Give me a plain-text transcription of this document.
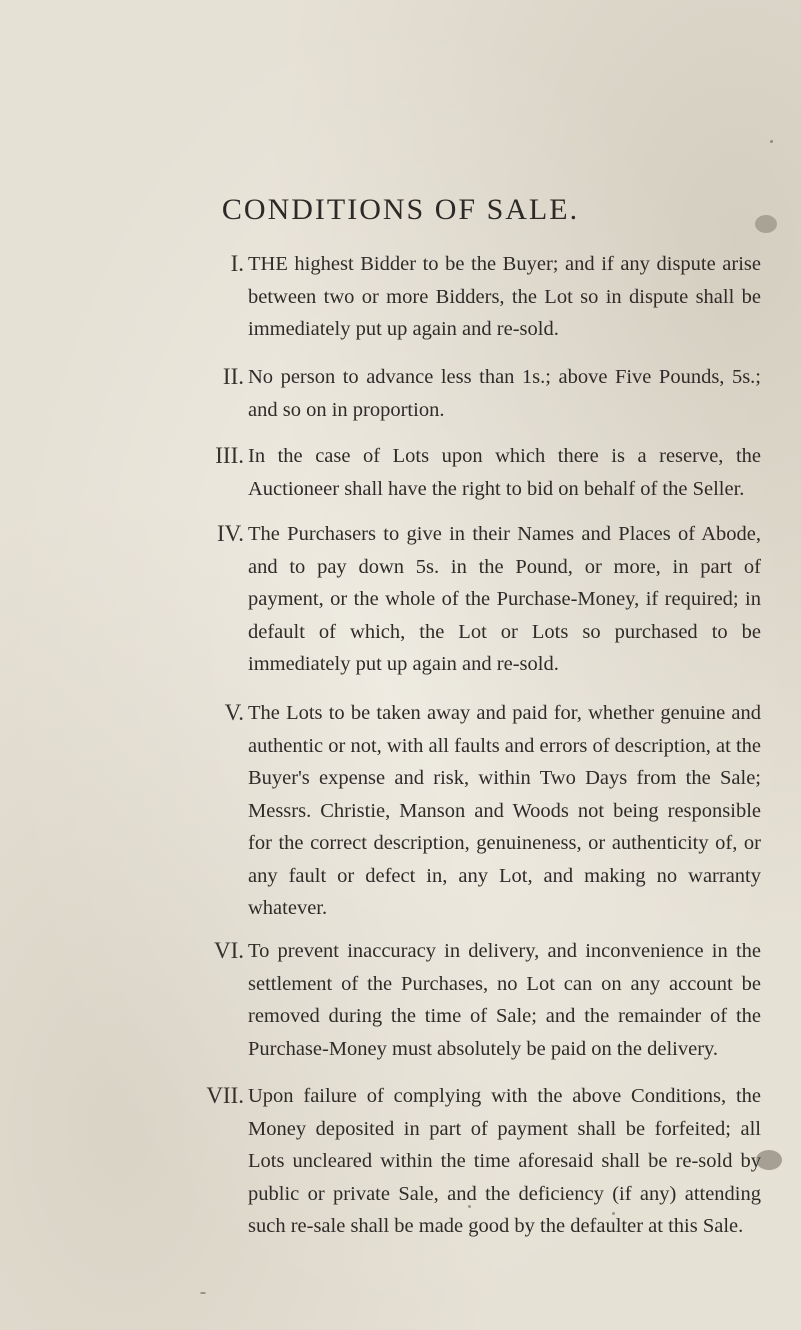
CONDITIONS OF SALE.
I. THE highest Bidder to be the Buyer; and if any dispute arise between two or more Bidders, the Lot so in dispute shall be immediately put up again and re-sold.
II. No person to advance less than 1s.; above Five Pounds, 5s.; and so on in proportion.
III. In the case of Lots upon which there is a reserve, the Auctioneer shall have the right to bid on behalf of the Seller.
IV. The Purchasers to give in their Names and Places of Abode, and to pay down 5s. in the Pound, or more, in part of payment, or the whole of the Purchase-Money, if required; in default of which, the Lot or Lots so purchased to be immediately put up again and re-sold.
V. The Lots to be taken away and paid for, whether genuine and authentic or not, with all faults and errors of description, at the Buyer's expense and risk, within Two Days from the Sale; Messrs. Christie, Manson and Woods not being responsible for the correct description, genuineness, or authenticity of, or any fault or defect in, any Lot, and making no warranty whatever.
VI. To prevent inaccuracy in delivery, and inconvenience in the settlement of the Purchases, no Lot can on any account be removed during the time of Sale; and the remainder of the Purchase-Money must absolutely be paid on the delivery.
VII. Upon failure of complying with the above Conditions, the Money deposited in part of payment shall be forfeited; all Lots uncleared within the time aforesaid shall be re-sold by public or private Sale, and the deficiency (if any) attending such re-sale shall be made good by the defaulter at this Sale.
